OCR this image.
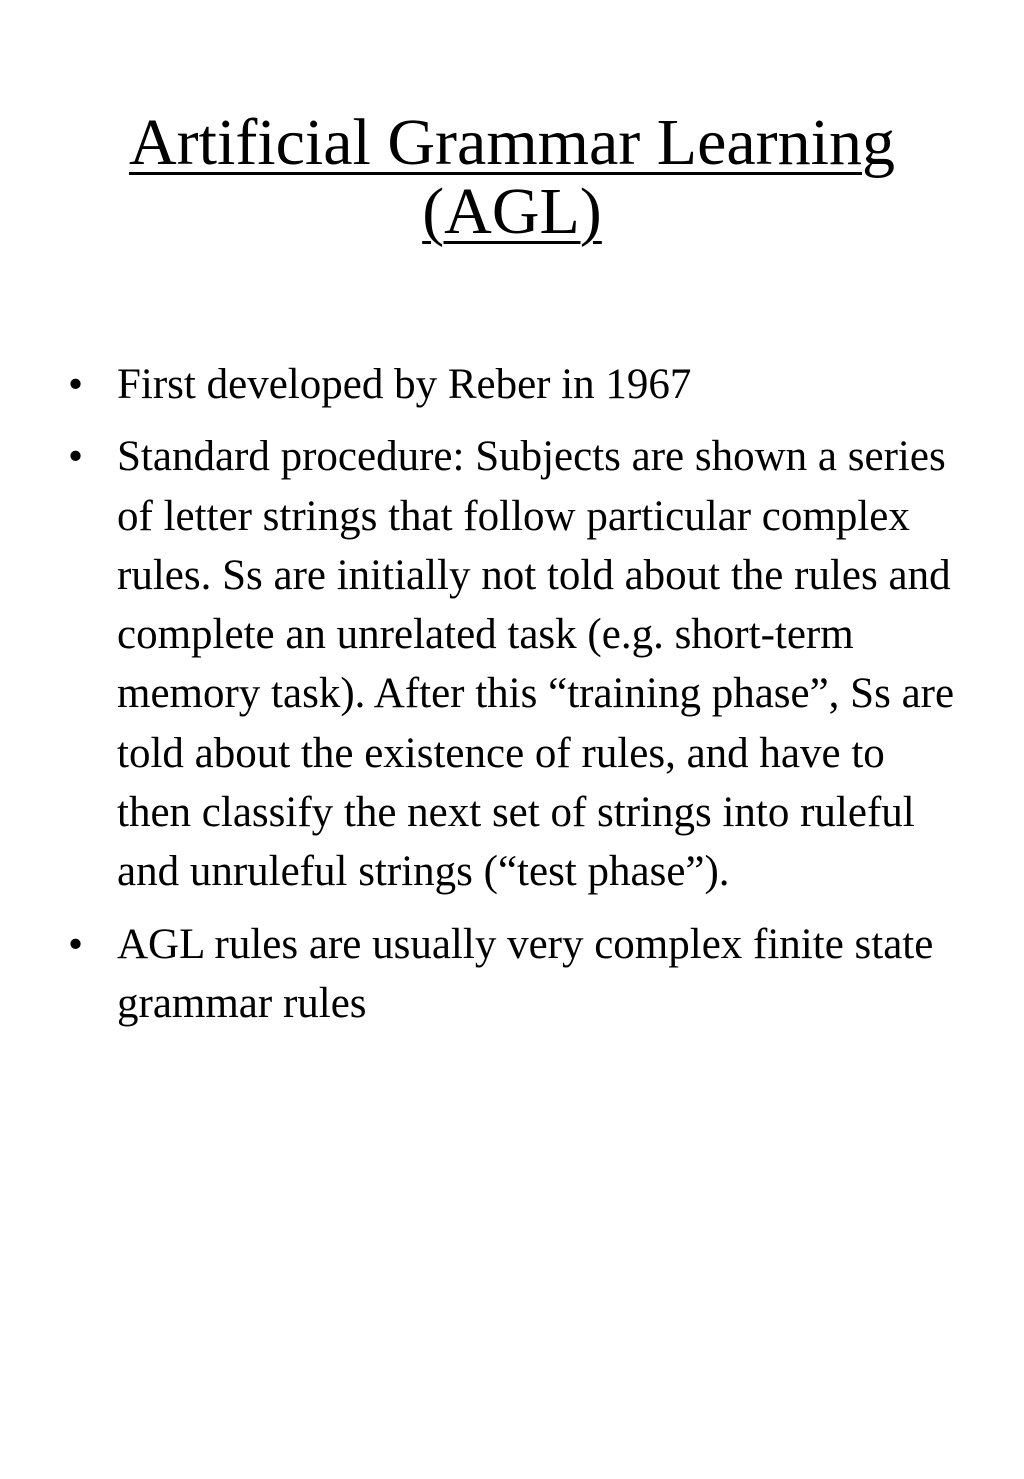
Artificial Grammar Learning
(AGL)
• First developed by Reber in 1967
• Standard procedure: Subjects are shown a series of letter strings that follow particular complex rules. Ss are initially not told about the rules and complete an unrelated task (e.g. short-term memory task). After this “training phase”, Ss are told about the existence of rules, and have to then classify the next set of strings into ruleful and unruleful strings (“test phase”).
• AGL rules are usually very complex finite state grammar rules
